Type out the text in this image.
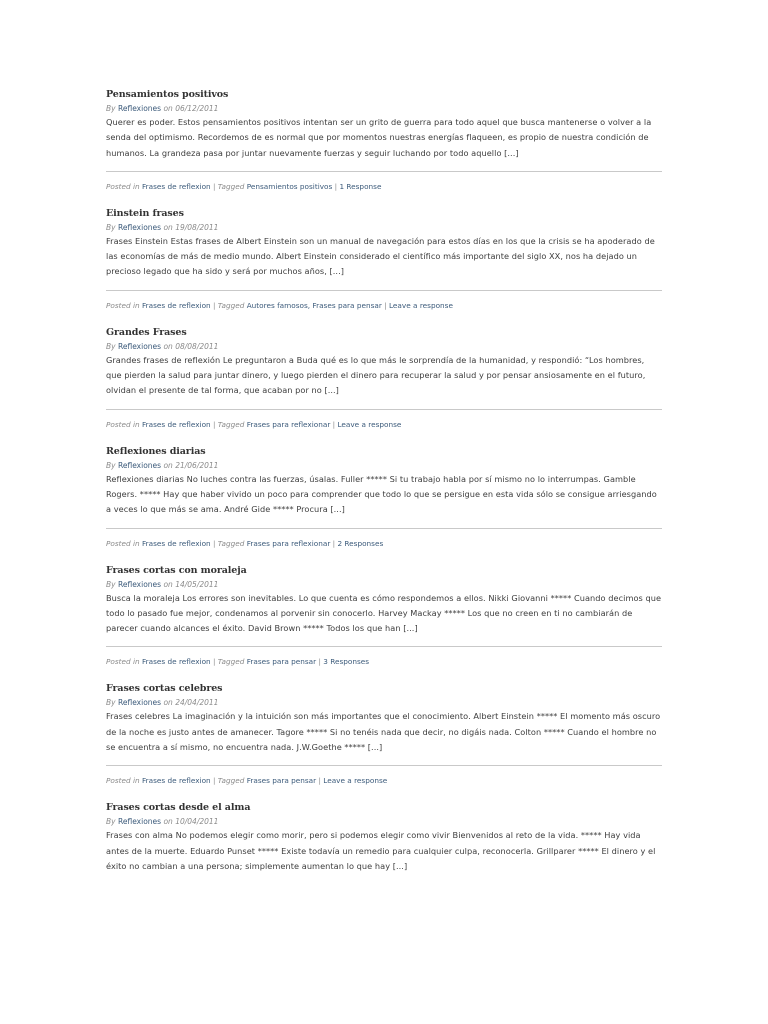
Pensamientos positivos
By Reflexiones on 06/12/2011

Querer es poder. Estos pensamientos positivos intentan ser un grito de guerra para todo aquel que busca mantenerse o volver a la senda del optimismo. Recordemos de es normal que por momentos nuestras energías flaqueen, es propio de nuestra condición de humanos. La grandeza pasa por juntar nuevamente fuerzas y seguir luchando por todo aquello [...]

Posted in Frases de reflexion | Tagged Pensamientos positivos | 1 Response
Einstein frases
By Reflexiones on 19/08/2011

Frases Einstein Estas frases de Albert Einstein son un manual de navegación para estos días en los que la crisis se ha apoderado de las economías de más de medio mundo. Albert Einstein considerado el científico más importante del siglo XX, nos ha dejado un precioso legado que ha sido y será por muchos años, [...]

Posted in Frases de reflexion | Tagged Autores famosos, Frases para pensar | Leave a response
Grandes Frases
By Reflexiones on 08/08/2011

Grandes frases de reflexión Le preguntaron a Buda qué es lo que más le sorprendía de la humanidad, y respondió: “Los hombres, que pierden la salud para juntar dinero, y luego pierden el dinero para recuperar la salud y por pensar ansiosamente en el futuro, olvidan el presente de tal forma, que acaban por no [...]

Posted in Frases de reflexion | Tagged Frases para reflexionar | Leave a response
Reflexiones diarias
By Reflexiones on 21/06/2011

Reflexiones diarias No luches contra las fuerzas, úsalas. Fuller ***** Si tu trabajo habla por sí mismo no lo interrumpas. Gamble Rogers. ***** Hay que haber vivido un poco para comprender que todo lo que se persigue en esta vida sólo se consigue arriesgando a veces lo que más se ama. André Gide ***** Procura [...]

Posted in Frases de reflexion | Tagged Frases para reflexionar | 2 Responses
Frases cortas con moraleja
By Reflexiones on 14/05/2011

Busca la moraleja Los errores son inevitables. Lo que cuenta es cómo respondemos a ellos. Nikki Giovanni ***** Cuando decimos que todo lo pasado fue mejor, condenamos al porvenir sin conocerlo. Harvey Mackay ***** Los que no creen en ti no cambiarán de parecer cuando alcances el éxito. David Brown ***** Todos los que han [...]

Posted in Frases de reflexion | Tagged Frases para pensar | 3 Responses
Frases cortas celebres
By Reflexiones on 24/04/2011

Frases celebres La imaginación y la intuición son más importantes que el conocimiento. Albert Einstein ***** El momento más oscuro de la noche es justo antes de amanecer. Tagore ***** Si no tenéis nada que decir, no digáis nada. Colton ***** Cuando el hombre no se encuentra a sí mismo, no encuentra nada. J.W.Goethe ***** [...]

Posted in Frases de reflexion | Tagged Frases para pensar | Leave a response
Frases cortas desde el alma
By Reflexiones on 10/04/2011

Frases con alma No podemos elegir como morir, pero si podemos elegir como vivir Bienvenidos al reto de la vida. ***** Hay vida antes de la muerte. Eduardo Punset ***** Existe todavía un remedio para cualquier culpa, reconocerla. Grillparer ***** El dinero y el éxito no cambian a una persona; simplemente aumentan lo que hay [...]
